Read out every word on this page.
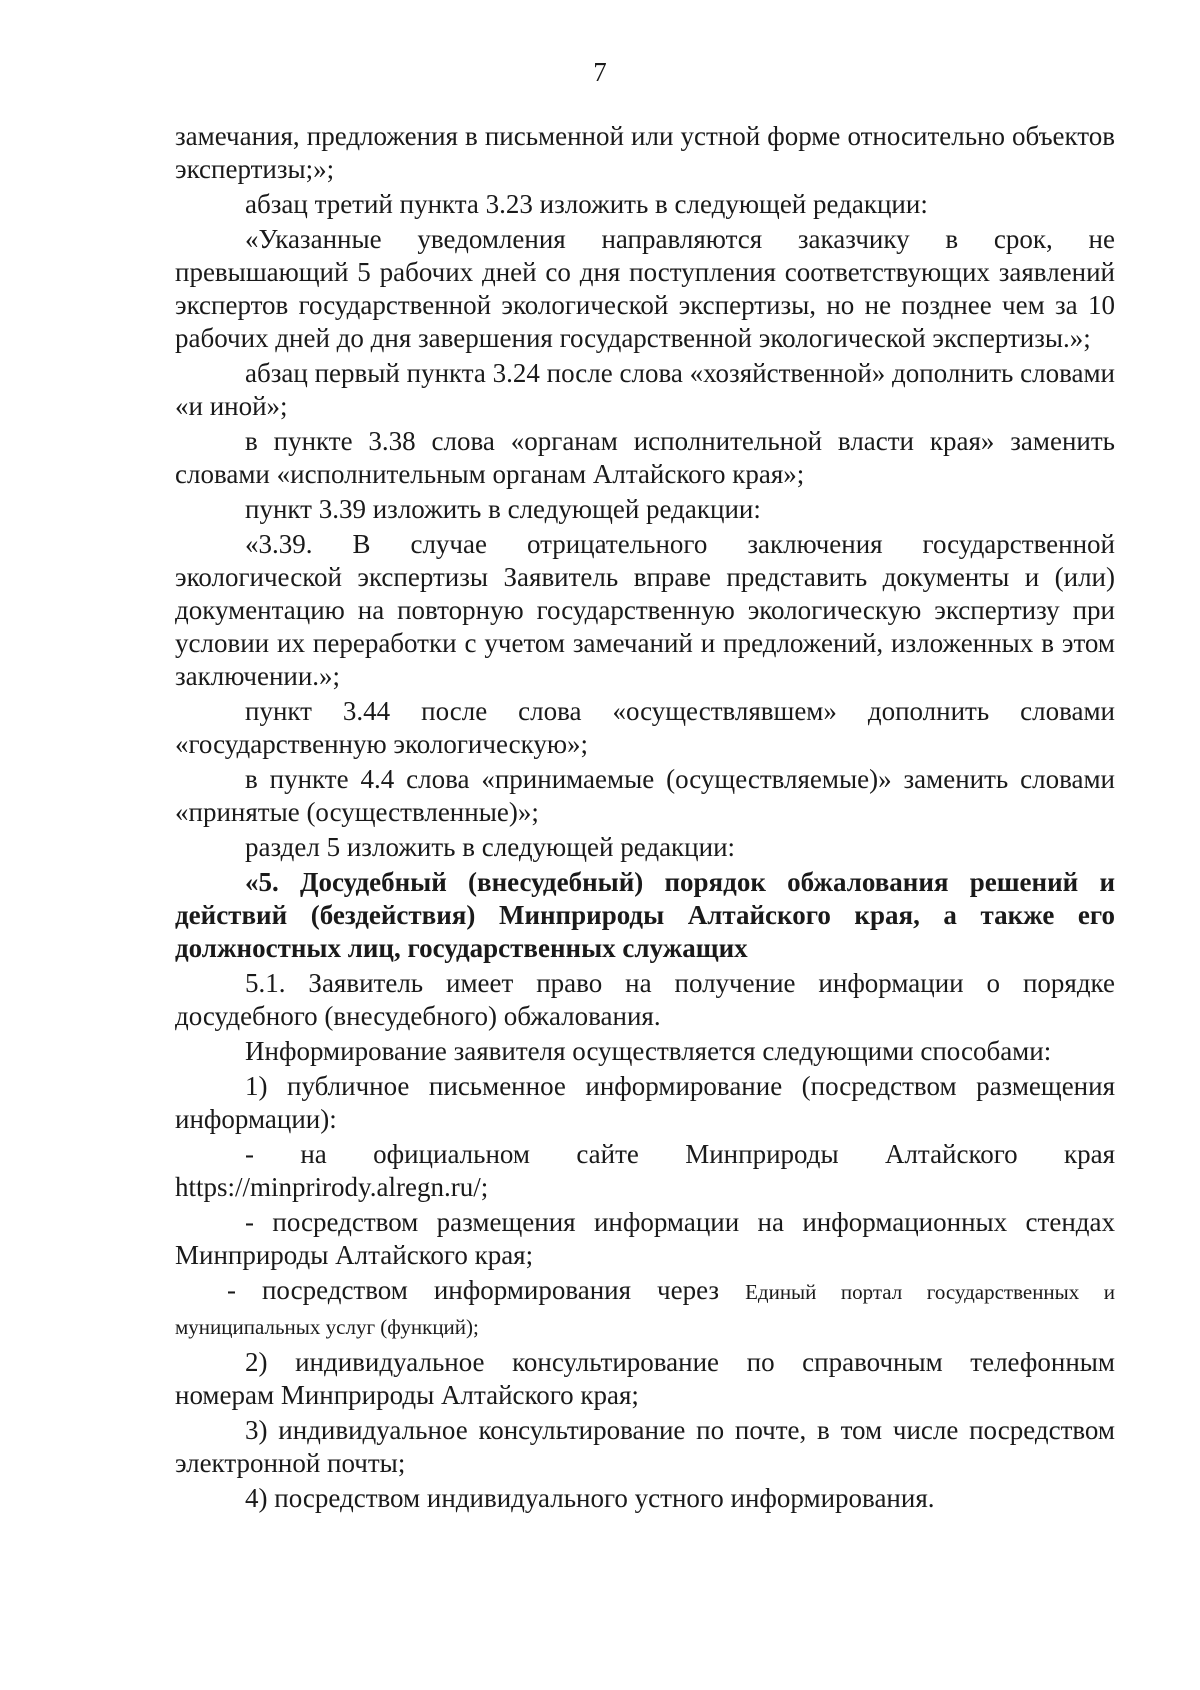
7

замечания, предложения в письменной или устной форме относительно объектов экспертизы;»;

абзац третий пункта 3.23 изложить в следующей редакции:

«Указанные уведомления направляются заказчику в срок, не превышающий 5 рабочих дней со дня поступления соответствующих заявлений экспертов государственной экологической экспертизы, но не позднее чем за 10 рабочих дней до дня завершения государственной экологической экспертизы.»;

абзац первый пункта 3.24 после слова «хозяйственной» дополнить словами «и иной»;

в пункте 3.38 слова «органам исполнительной власти края» заменить словами «исполнительным органам Алтайского края»;

пункт 3.39 изложить в следующей редакции:

«3.39. В случае отрицательного заключения государственной экологической экспертизы Заявитель вправе представить документы и (или) документацию на повторную государственную экологическую экспертизу при условии их переработки с учетом замечаний и предложений, изложенных в этом заключении.»;

пункт 3.44 после слова «осуществлявшем» дополнить словами «государственную экологическую»;

в пункте 4.4 слова «принимаемые (осуществляемые)» заменить словами «принятые (осуществленные)»;

раздел 5 изложить в следующей редакции:

«5. Досудебный (внесудебный) порядок обжалования решений и действий (бездействия) Минприроды Алтайского края, а также его должностных лиц, государственных служащих

5.1. Заявитель имеет право на получение информации о порядке досудебного (внесудебного) обжалования.

Информирование заявителя осуществляется следующими способами:

1) публичное письменное информирование (посредством размещения информации):

- на официальном сайте Минприроды Алтайского края https://minprirody.alregn.ru/;

- посредством размещения информации на информационных стендах Минприроды Алтайского края;

- посредством информирования через Единый портал государственных и муниципальных услуг (функций);

2) индивидуальное консультирование по справочным телефонным номерам Минприроды Алтайского края;

3) индивидуальное консультирование по почте, в том числе посредством электронной почты;

4) посредством индивидуального устного информирования.
